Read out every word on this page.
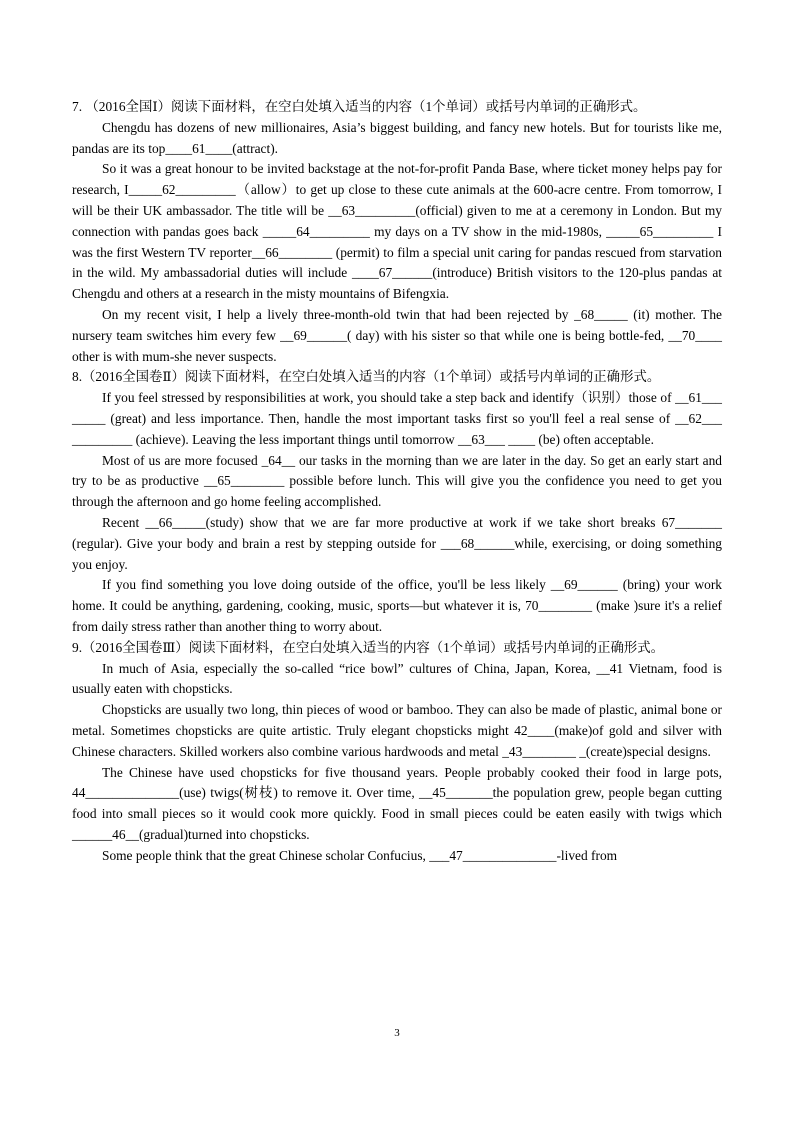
7. （2016全国Ⅰ）阅读下面材料，在空白处填入适当的内容（1个单词）或括号内单词的正确形式。

Chengdu has dozens of new millionaires, Asia’s biggest building, and fancy new hotels. But for tourists like me, pandas are its top____61____(attract).

So it was a great honour to be invited backstage at the not-for-profit Panda Base, where ticket money helps pay for research, I_____62_________（allow）to get up close to these cute animals at the 600-acre centre. From tomorrow, I will be their UK ambassador. The title will be __63_________(official) given to me at a ceremony in London. But my connection with pandas goes back _____64_________ my days on a TV show in the mid-1980s, _____65_________ I was the first Western TV reporter__66________ (permit) to film a special unit caring for pandas rescued from starvation in the wild. My ambassadorial duties will include ____67______(introduce) British visitors to the 120-plus pandas at Chengdu and others at a research in the misty mountains of Bifengxia.

On my recent visit, I help a lively three-month-old twin that had been rejected by _68_____ (it) mother. The nursery team switches him every few __69______( day) with his sister so that while one is being bottle-fed, __70____ other is with mum-she never suspects.

8.（2016全国卷Ⅱ）阅读下面材料，在空白处填入适当的内容（1个单词）或括号内单词的正确形式。

If you feel stressed by responsibilities at work, you should take a step back and identify（识别）those of __61___ _____ (great) and less importance. Then, handle the most important tasks first so you'll feel a real sense of __62___ _________ (achieve). Leaving the less important things until tomorrow __63___ ____ (be) often acceptable.

Most of us are more focused _64__ our tasks in the morning than we are later in the day. So get an early start and try to be as productive __65________ possible before lunch. This will give you the confidence you need to get you through the afternoon and go home feeling accomplished.

Recent __66_____(study) show that we are far more productive at work if we take short breaks 67_______ (regular). Give your body and brain a rest by stepping outside for ___68______while, exercising, or doing something you enjoy.

If you find something you love doing outside of the office, you'll be less likely __69______ (bring) your work home. It could be anything, gardening, cooking, music, sports—but whatever it is, 70________ (make )sure it's a relief from daily stress rather than another thing to worry about.

9.（2016全国卷Ⅲ）阅读下面材料，在空白处填入适当的内容（1个单词）或括号内单词的正确形式。

In much of Asia, especially the so-called “rice bowl” cultures of China, Japan, Korea, __41 Vietnam, food is usually eaten with chopsticks.

Chopsticks are usually two long, thin pieces of wood or bamboo. They can also be made of plastic, animal bone or metal. Sometimes chopsticks are quite artistic. Truly elegant chopsticks might 42____(make)of gold and silver with Chinese characters. Skilled workers also combine various hardwoods and metal _43________ _(create)special designs.

The Chinese have used chopsticks for five thousand years. People probably cooked their food in large pots, 44______________(use) twigs(树枝) to remove it. Over time, __45_______the population grew, people began cutting food into small pieces so it would cook more quickly. Food in small pieces could be eaten easily with twigs which ______46__(gradual)turned into chopsticks.

Some people think that the great Chinese scholar Confucius, ___47______________-lived from

3
